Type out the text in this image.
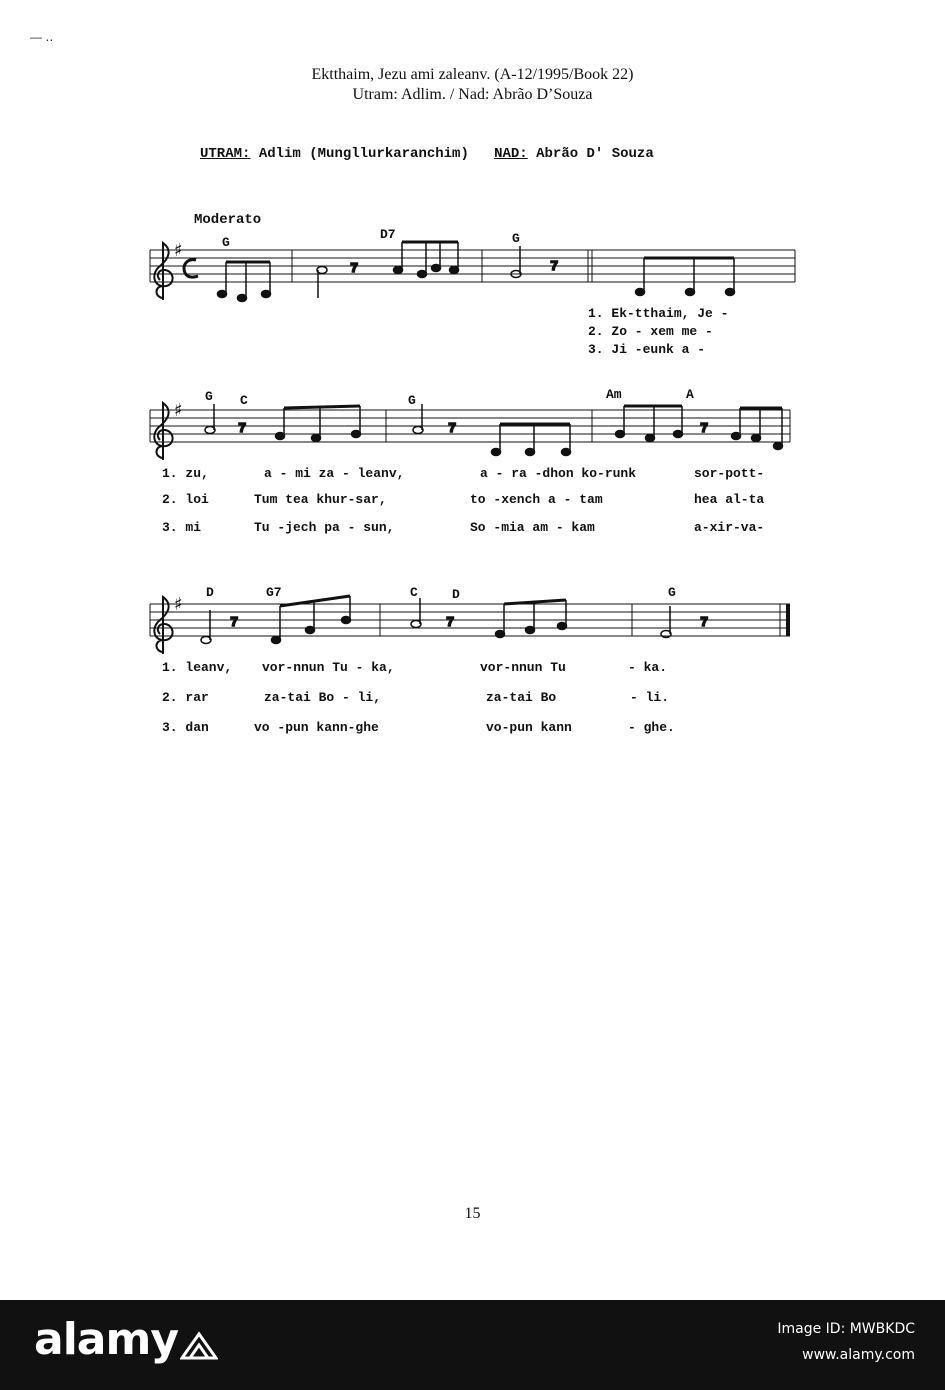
— ‥
Ektthaim, Jezu ami zaleanv. (A-12/1995/Book 22)
Utram: Adlim. / Nad: Abrão D’Souza
UTRAM: Adlim (Mungllurkaranchim) NAD: Abrão D' Souza
Moderato
♯	G
D7	G
7	7
1. Ek-tthaim, Je -
2. Zo - xem me -
3. Ji -eunk a -
♯
G C	G	Am	A
7	7	7
1. zu,	a - mi za - leanv,	a - ra -dhon ko-runk	sor-pott-
2. loi	Tum tea khur-sar,	to -xench a - tam	hea al-ta
3. mi	Tu -jech pa - sun,	So -mia am - kam	a-xir-va-
♯
D	G7	C	D	G
7	7	7
1. leanv, vor-nnun Tu - ka,	vor-nnun Tu	- ka.
2. rar	za-tai Bo - li,	za-tai Bo	- li.
3. dan	vo -pun kann-ghe	vo-pun kann	- ghe.
15
alamy	Image ID: MWBKDC
www.alamy.com
